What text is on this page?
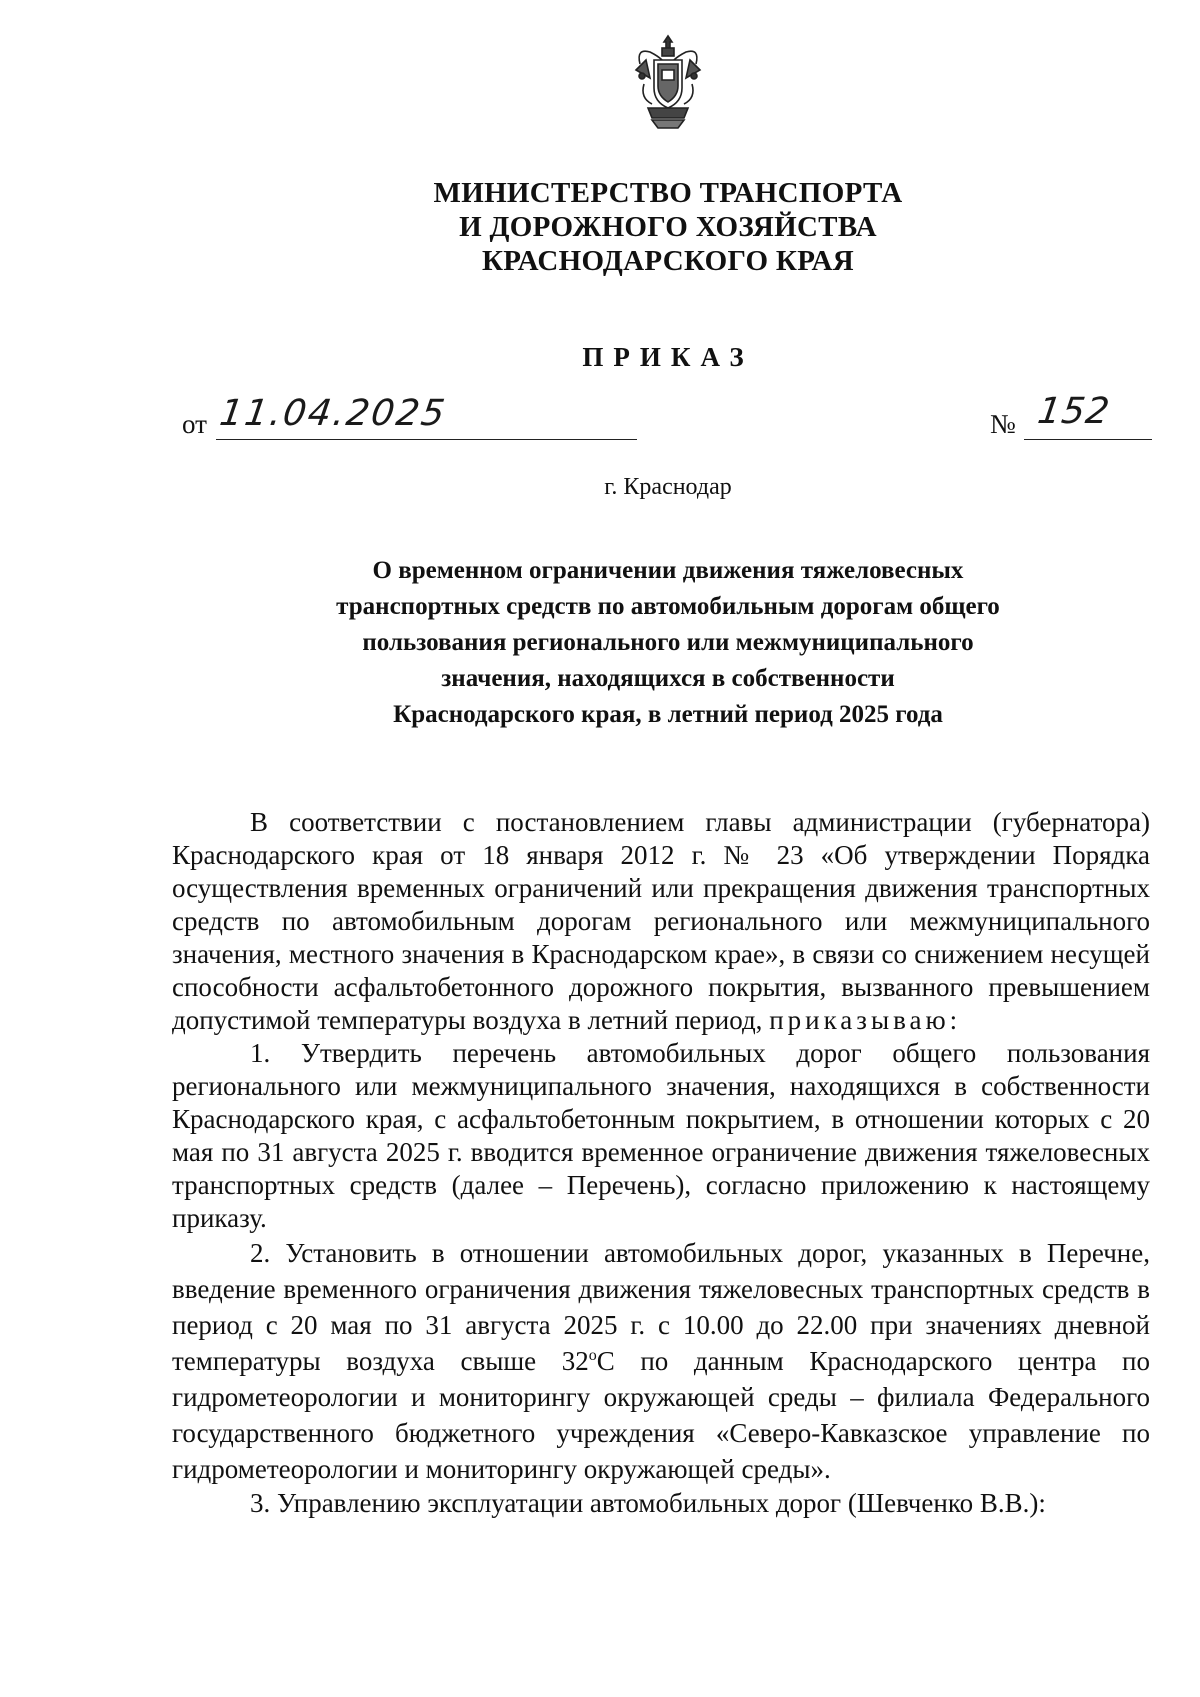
МИНИСТЕРСТВО ТРАНСПОРТА
И ДОРОЖНОГО ХОЗЯЙСТВА
КРАСНОДАРСКОГО КРАЯ
ПРИКАЗ
от 11.04.2025	№ 152
г. Краснодар
О временном ограничении движения тяжеловесных
транспортных средств по автомобильным дорогам общего
пользования регионального или межмуниципального
значения, находящихся в собственности
Краснодарского края, в летний период 2025 года

В соответствии с постановлением главы администрации (губернатора) Краснодарского края от 18 января 2012 г. № 23 «Об утверждении Порядка осуществления временных ограничений или прекращения движения транспортных средств по автомобильным дорогам регионального или межмуниципального значения, местного значения в Краснодарском крае», в связи со снижением несущей способности асфальтобетонного дорожного покрытия, вызванного превышением допустимой температуры воздуха в летний период, приказываю:

1. Утвердить перечень автомобильных дорог общего пользования регионального или межмуниципального значения, находящихся в собственности Краснодарского края, с асфальтобетонным покрытием, в отношении которых с 20 мая по 31 августа 2025 г. вводится временное ограничение движения тяжеловесных транспортных средств (далее – Перечень), согласно приложению к настоящему приказу.

2. Установить в отношении автомобильных дорог, указанных в Перечне, введение временного ограничения движения тяжеловесных транспортных средств в период с 20 мая по 31 августа 2025 г. с 10.00 до 22.00 при значениях дневной температуры воздуха свыше $32^оС$ по данным Краснодарского центра по гидрометеорологии и мониторингу окружающей среды – филиала Федерального государственного бюджетного учреждения «Северо-Кавказское управление по гидрометеорологии и мониторингу окружающей среды».

3. Управлению эксплуатации автомобильных дорог (Шевченко В.В.):
